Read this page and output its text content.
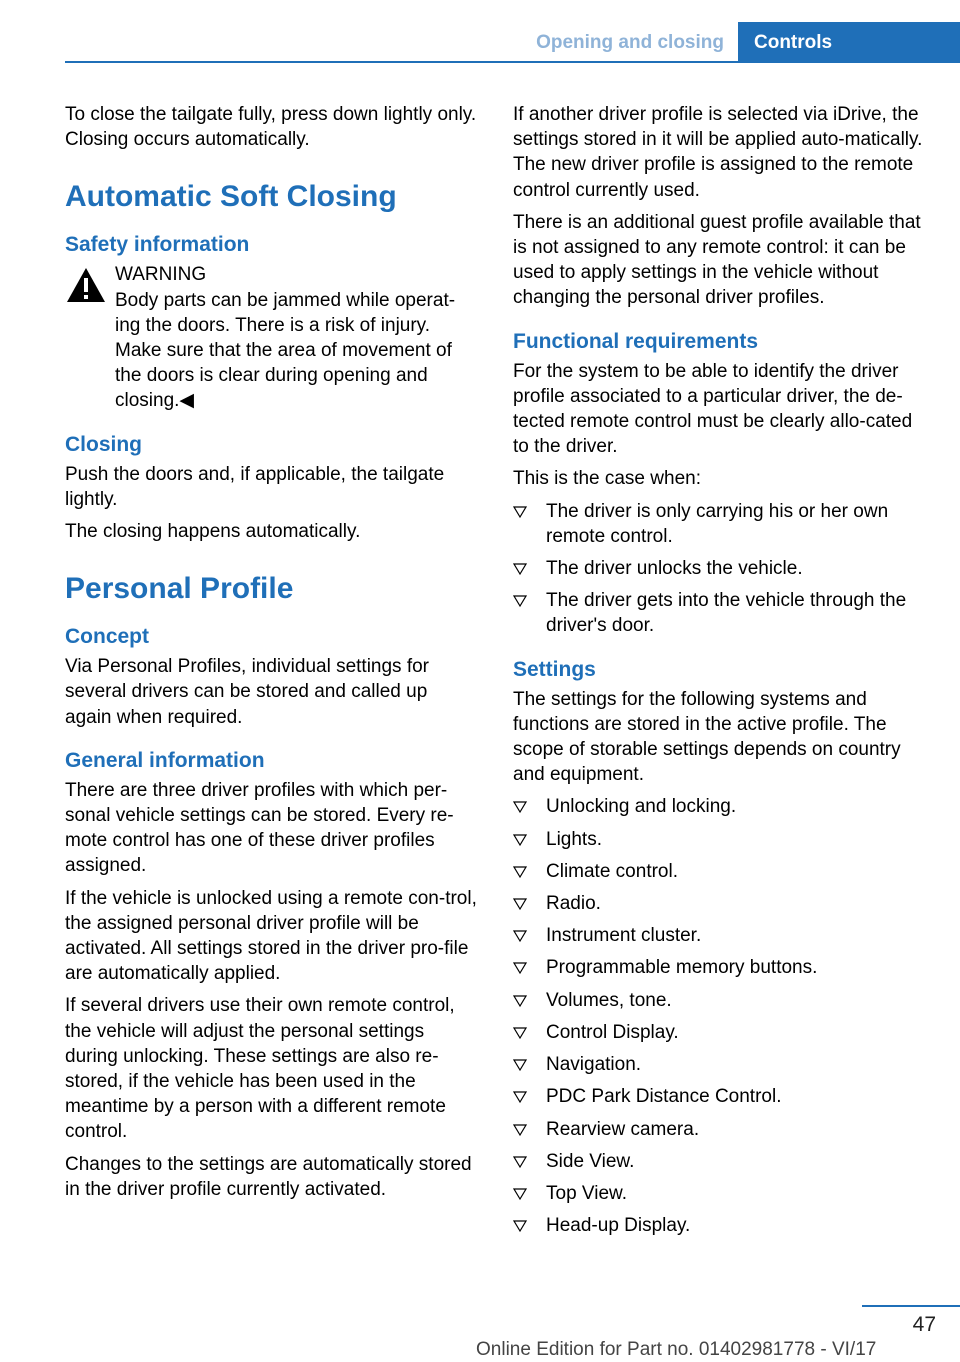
Opening and closing	Controls

To close the tailgate fully, press down lightly only. Closing occurs automatically.

Automatic Soft Closing
Safety information
WARNING

Body parts can be jammed while operat‐ing the doors. There is a risk of injury. Make sure that the area of movement of the doors is clear during opening and closing.◀

Closing

Push the doors and, if applicable, the tailgate lightly.

The closing happens automatically.

Personal Profile
Concept

Via Personal Profiles, individual settings for several drivers can be stored and called up again when required.

General information

There are three driver profiles with which per‐sonal vehicle settings can be stored. Every re‐mote control has one of these driver profiles assigned.

If the vehicle is unlocked using a remote con‐trol, the assigned personal driver profile will be activated. All settings stored in the driver pro‐file are automatically applied.

If several drivers use their own remote control, the vehicle will adjust the personal settings during unlocking. These settings are also re‐stored, if the vehicle has been used in the meantime by a person with a different remote control.

Changes to the settings are automatically stored in the driver profile currently activated.

If another driver profile is selected via iDrive, the settings stored in it will be applied auto‐matically. The new driver profile is assigned to the remote control currently used.

There is an additional guest profile available that is not assigned to any remote control: it can be used to apply settings in the vehicle without changing the personal driver profiles.

Functional requirements

For the system to be able to identify the driver profile associated to a particular driver, the de‐tected remote control must be clearly allo‐cated to the driver.

This is the case when:

The driver is only carrying his or her own remote control.
The driver unlocks the vehicle.
The driver gets into the vehicle through the driver's door.
Settings

The settings for the following systems and functions are stored in the active profile. The scope of storable settings depends on country and equipment.

Unlocking and locking.
Lights.
Climate control.
Radio.
Instrument cluster.
Programmable memory buttons.
Volumes, tone.
Control Display.
Navigation.
PDC Park Distance Control.
Rearview camera.
Side View.
Top View.
Head-up Display.
47
Online Edition for Part no. 01402981778 - VI/17
